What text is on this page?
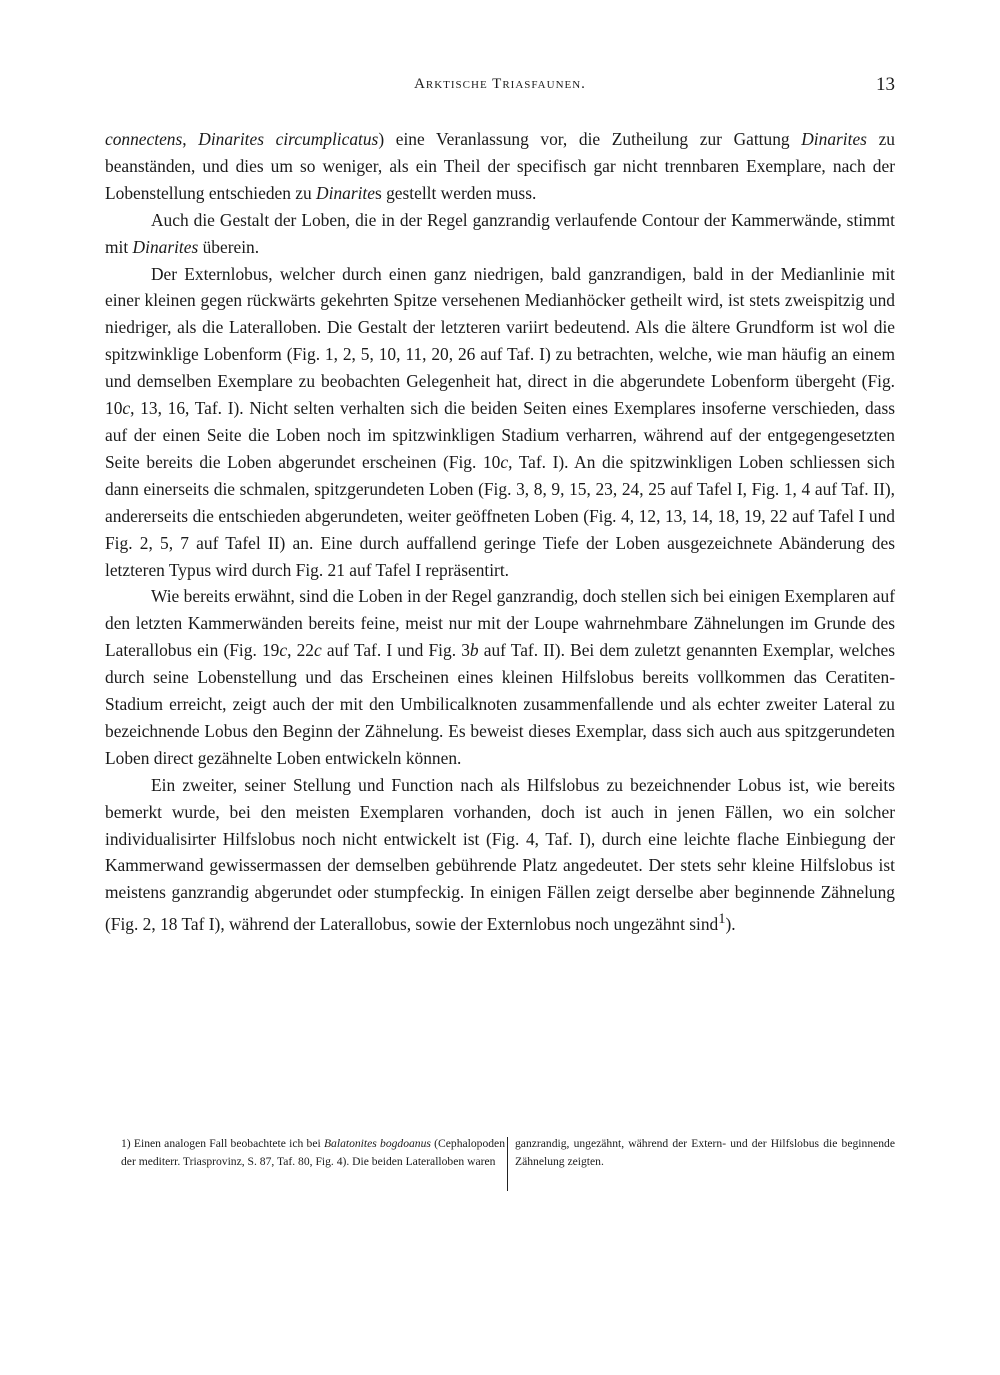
Arktische Triasfaunen.	13

connectens, Dinarites circumplicatus) eine Veranlassung vor, die Zutheilung zur Gattung Dinarites zu beanständen, und dies um so weniger, als ein Theil der specifisch gar nicht trennbaren Exemplare, nach der Lobenstellung entschieden zu Dinarites gestellt werden muss.

Auch die Gestalt der Loben, die in der Regel ganzrandig verlaufende Contour der Kammerwände, stimmt mit Dinarites überein.

Der Externlobus, welcher durch einen ganz niedrigen, bald ganzrandigen, bald in der Medianlinie mit einer kleinen gegen rückwärts gekehrten Spitze versehenen Medianhöcker getheilt wird, ist stets zweispitzig und niedriger, als die Lateralloben. Die Gestalt der letzteren variirt bedeutend. Als die ältere Grundform ist wol die spitzwinklige Lobenform (Fig. 1, 2, 5, 10, 11, 20, 26 auf Taf. I) zu betrachten, welche, wie man häufig an einem und demselben Exemplare zu beobachten Gelegenheit hat, direct in die abgerundete Lobenform übergeht (Fig. 10c, 13, 16, Taf. I). Nicht selten verhalten sich die beiden Seiten eines Exemplares insoferne verschieden, dass auf der einen Seite die Loben noch im spitzwinkligen Stadium verharren, während auf der entgegengesetzten Seite bereits die Loben abgerundet erscheinen (Fig. 10c, Taf. I). An die spitzwinkligen Loben schliessen sich dann einerseits die schmalen, spitzgerundeten Loben (Fig. 3, 8, 9, 15, 23, 24, 25 auf Tafel I, Fig. 1, 4 auf Taf. II), andererseits die entschieden abgerundeten, weiter geöffneten Loben (Fig. 4, 12, 13, 14, 18, 19, 22 auf Tafel I und Fig. 2, 5, 7 auf Tafel II) an. Eine durch auffallend geringe Tiefe der Loben ausgezeichnete Abänderung des letzteren Typus wird durch Fig. 21 auf Tafel I repräsentirt.

Wie bereits erwähnt, sind die Loben in der Regel ganzrandig, doch stellen sich bei einigen Exemplaren auf den letzten Kammerwänden bereits feine, meist nur mit der Loupe wahrnehmbare Zähnelungen im Grunde des Laterallobus ein (Fig. 19c, 22c auf Taf. I und Fig. 3b auf Taf. II). Bei dem zuletzt genannten Exemplar, welches durch seine Lobenstellung und das Erscheinen eines kleinen Hilfslobus bereits vollkommen das Ceratiten-Stadium erreicht, zeigt auch der mit den Umbilicalknoten zusammenfallende und als echter zweiter Lateral zu bezeichnende Lobus den Beginn der Zähnelung. Es beweist dieses Exemplar, dass sich auch aus spitzgerundeten Loben direct gezähnelte Loben entwickeln können.

Ein zweiter, seiner Stellung und Function nach als Hilfslobus zu bezeichnender Lobus ist, wie bereits bemerkt wurde, bei den meisten Exemplaren vorhanden, doch ist auch in jenen Fällen, wo ein solcher individualisirter Hilfslobus noch nicht entwickelt ist (Fig. 4, Taf. I), durch eine leichte flache Einbiegung der Kammerwand gewissermassen der demselben gebührende Platz angedeutet. Der stets sehr kleine Hilfslobus ist meistens ganzrandig abgerundet oder stumpfeckig. In einigen Fällen zeigt derselbe aber beginnende Zähnelung (Fig. 2, 18 Taf I), während der Laterallobus, sowie der Externlobus noch ungezähnt sind$^1$).

1) Einen analogen Fall beobachtete ich bei Balatonites bogdoanus (Cephalopoden der mediterr. Triasprovinz, S. 87, Taf. 80, Fig. 4). Die beiden Lateralloben waren
ganzrandig, ungezähnt, während der Extern- und der Hilfslobus die beginnende Zähnelung zeigten.
